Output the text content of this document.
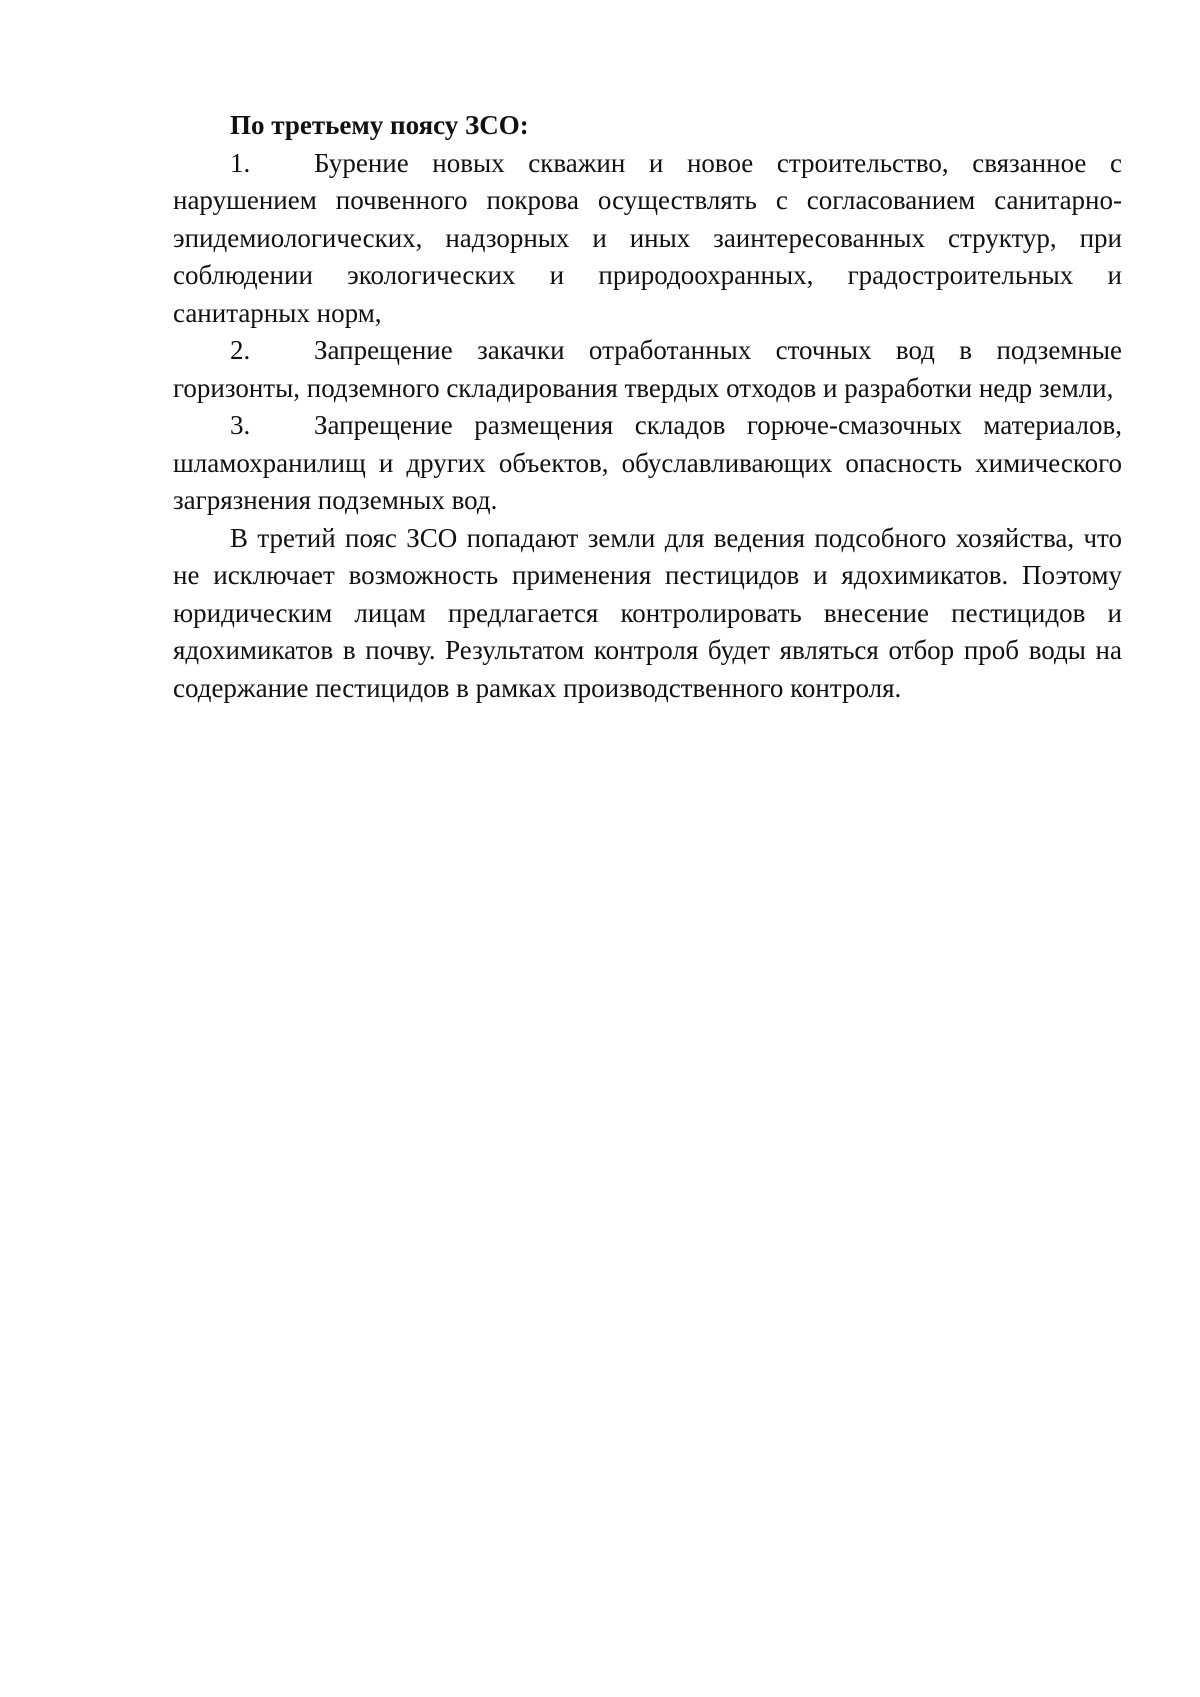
По третьему поясу ЗСО:

1. Бурение новых скважин и новое строительство, связанное с нарушением почвенного покрова осуществлять с согласованием санитарно-эпидемиологических, надзорных и иных заинтересованных структур, при соблюдении экологических и природоохранных, градостроительных и санитарных норм,

2. Запрещение закачки отработанных сточных вод в подземные горизонты, подземного складирования твердых отходов и разработки недр земли,

3. Запрещение размещения складов горюче-смазочных материалов, шламохранилищ и других объектов, обуславливающих опасность химического загрязнения подземных вод.

В третий пояс ЗСО попадают земли для ведения подсобного хозяйства, что не исключает возможность применения пестицидов и ядохимикатов. Поэтому юридическим лицам предлагается контролировать внесение пестицидов и ядохимикатов в почву. Результатом контроля будет являться отбор проб воды на содержание пестицидов в рамках производственного контроля.
